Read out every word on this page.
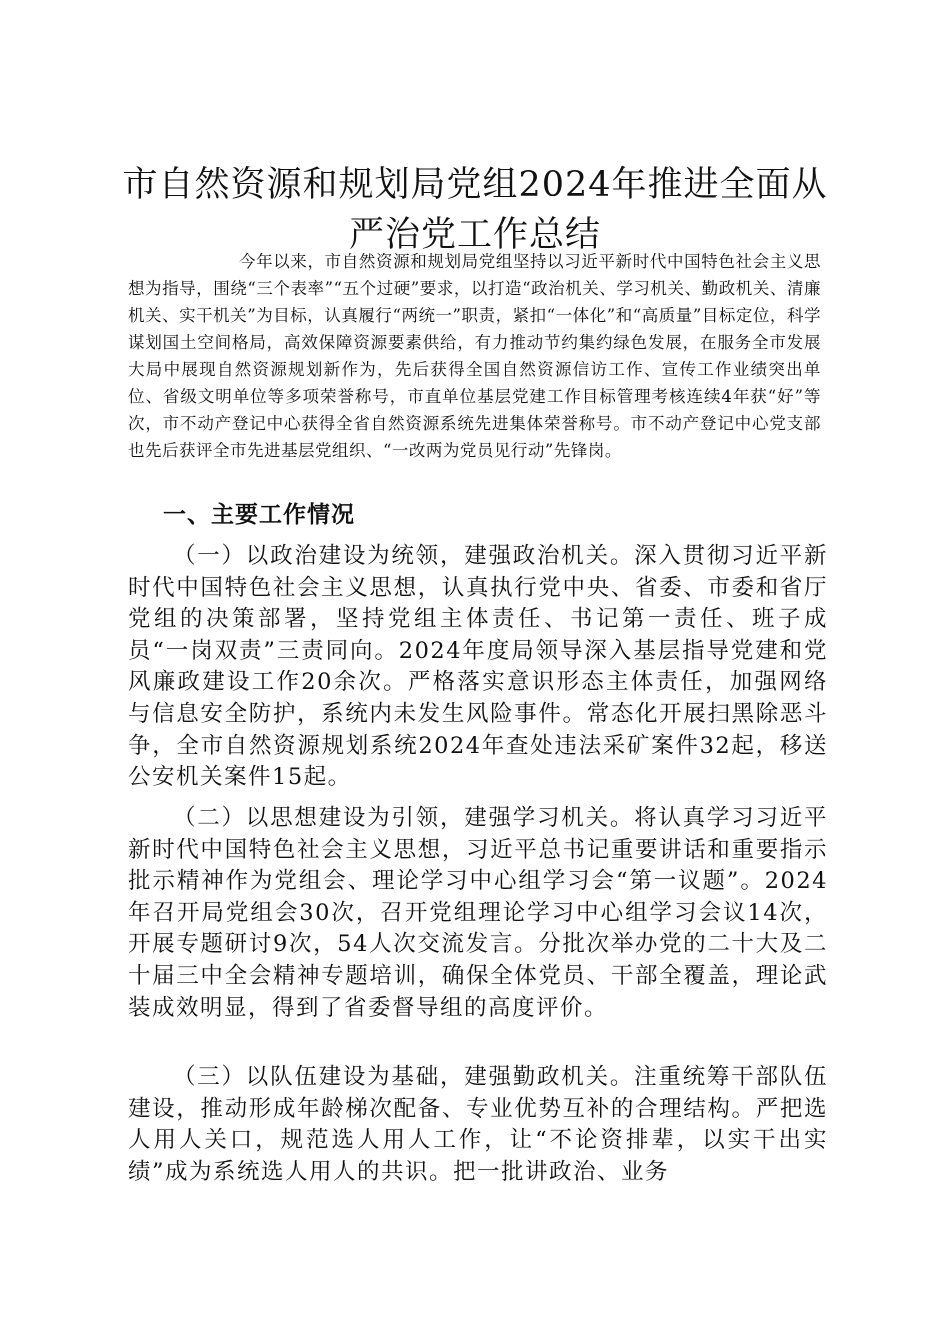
市自然资源和规划局党组2024年推进全面从
严治党工作总结

今年以来，市自然资源和规划局党组坚持以习近平新时代中国特色社会主义思想为指导，围绕“三个表率”“五个过硬”要求，以打造“政治机关、学习机关、勤政机关、清廉机关、实干机关”为目标，认真履行“两统一”职责，紧扣“一体化”和“高质量”目标定位，科学谋划国土空间格局，高效保障资源要素供给，有力推动节约集约绿色发展，在服务全市发展大局中展现自然资源规划新作为，先后获得全国自然资源信访工作、宣传工作业绩突出单位、省级文明单位等多项荣誉称号，市直单位基层党建工作目标管理考核连续4年获“好”等次，市不动产登记中心获得全省自然资源系统先进集体荣誉称号。市不动产登记中心党支部也先后获评全市先进基层党组织、“一改两为党员见行动”先锋岗。

一、主要工作情况

（一）以政治建设为统领，建强政治机关。深入贯彻习近平新时代中国特色社会主义思想，认真执行党中央、省委、市委和省厅党组的决策部署，坚持党组主体责任、书记第一责任、班子成员“一岗双责”三责同向。2024年度局领导深入基层指导党建和党风廉政建设工作20余次。严格落实意识形态主体责任，加强网络与信息安全防护，系统内未发生风险事件。常态化开展扫黑除恶斗争，全市自然资源规划系统2024年查处违法采矿案件32起，移送公安机关案件15起。

（二）以思想建设为引领，建强学习机关。将认真学习习近平新时代中国特色社会主义思想，习近平总书记重要讲话和重要指示批示精神作为党组会、理论学习中心组学习会“第一议题”。2024年召开局党组会30次，召开党组理论学习中心组学习会议14次，开展专题研讨9次，54人次交流发言。分批次举办党的二十大及二十届三中全会精神专题培训，确保全体党员、干部全覆盖，理论武装成效明显，得到了省委督导组的高度评价。

（三）以队伍建设为基础，建强勤政机关。注重统筹干部队伍建设，推动形成年龄梯次配备、专业优势互补的合理结构。严把选人用人关口，规范选人用人工作，让“不论资排辈，以实干出实绩”成为系统选人用人的共识。把一批讲政治、业务
